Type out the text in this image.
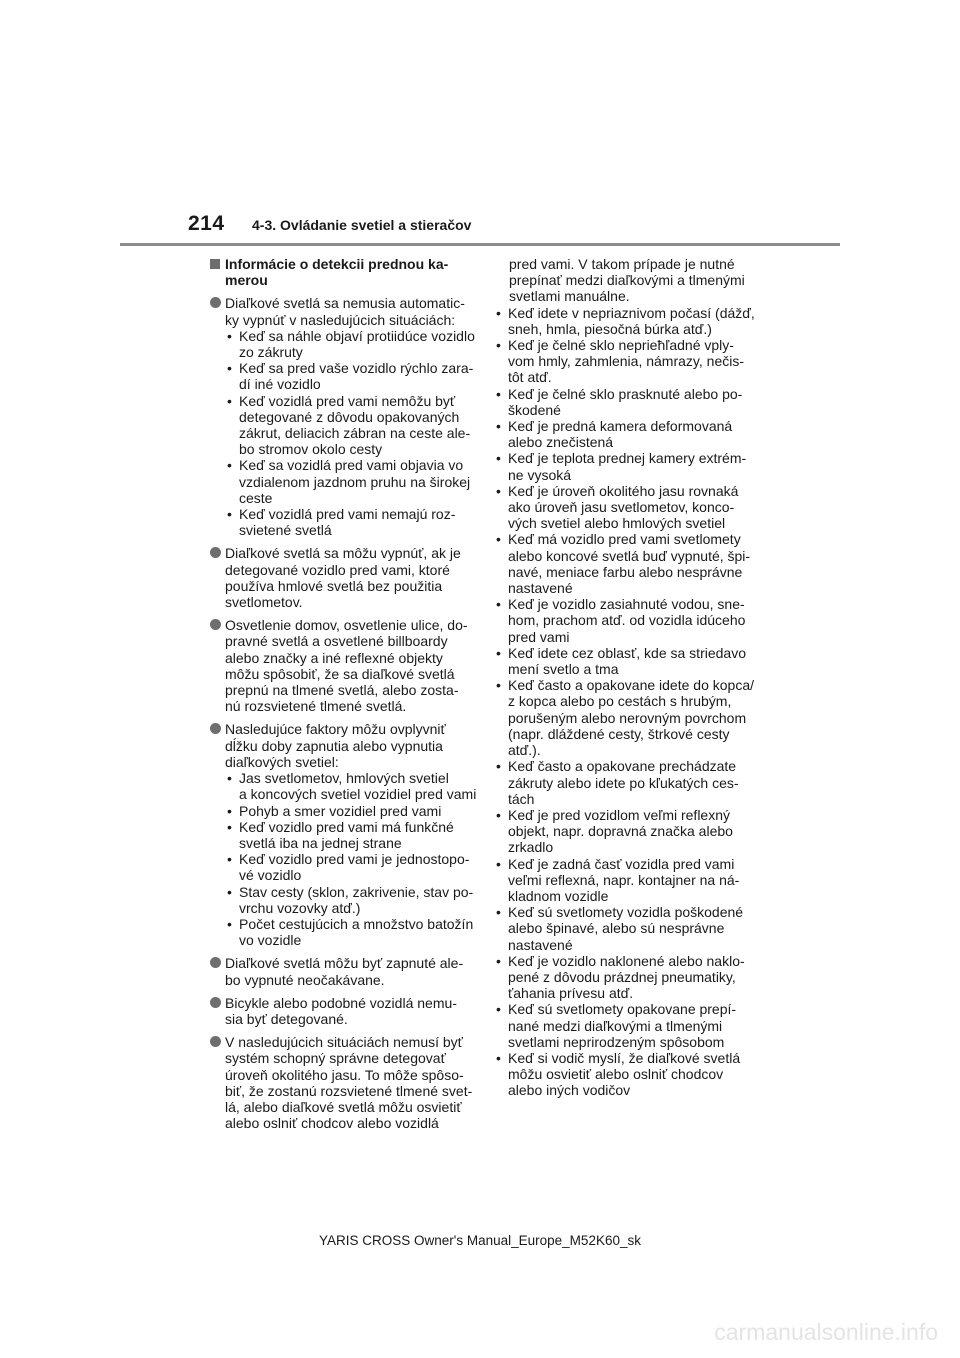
214 4-3. Ovládanie svetiel a stieračov
Informácie o detekcii prednou ka-
merou
Diaľkové svetlá sa nemusia automatic-
ky vypnúť v nasledujúcich situáciách:
• Keď sa náhle objaví protiidúce vozidlo
zo zákruty
• Keď sa pred vaše vozidlo rýchlo zara-
dí iné vozidlo
• Keď vozidlá pred vami nemôžu byť
detegované z dôvodu opakovaných
zákrut, deliacich zábran na ceste ale-
bo stromov okolo cesty
• Keď sa vozidlá pred vami objavia vo
vzdialenom jazdnom pruhu na širokej
ceste
• Keď vozidlá pred vami nemajú roz-
svietené svetlá
Diaľkové svetlá sa môžu vypnúť, ak je
detegované vozidlo pred vami, ktoré
používa hmlové svetlá bez použitia
svetlometov.
Osvetlenie domov, osvetlenie ulice, do-
pravné svetlá a osvetlené billboardy
alebo značky a iné reflexné objekty
môžu spôsobiť, že sa diaľkové svetlá
prepnú na tlmené svetlá, alebo zosta-
nú rozsvietené tlmené svetlá.
Nasledujúce faktory môžu ovplyvniť
dĺžku doby zapnutia alebo vypnutia
diaľkových svetiel:
• Jas svetlometov, hmlových svetiel
a koncových svetiel vozidiel pred vami
• Pohyb a smer vozidiel pred vami
• Keď vozidlo pred vami má funkčné
svetlá iba na jednej strane
• Keď vozidlo pred vami je jednostopo-
vé vozidlo
• Stav cesty (sklon, zakrivenie, stav po-
vrchu vozovky atď.)
• Počet cestujúcich a množstvo batožín
vo vozidle
Diaľkové svetlá môžu byť zapnuté ale-
bo vypnuté neočakávane.
Bicykle alebo podobné vozidlá nemu-
sia byť detegované.
V nasledujúcich situáciách nemusí byť
systém schopný správne detegovať
úroveň okolitého jasu. To môže spôso-
biť, že zostanú rozsvietené tlmené svet-
lá, alebo diaľkové svetlá môžu osvietiť
alebo oslniť chodcov alebo vozidlá
pred vami. V takom prípade je nutné
prepínať medzi diaľkovými a tlmenými
svetlami manuálne.
• Keď idete v nepriaznivom počasí (dážď,
sneh, hmla, piesočná búrka atď.)
• Keď je čelné sklo neprieħľadné vply-
vom hmly, zahmlenia, námrazy, nečis-
tôt atď.
• Keď je čelné sklo prasknuté alebo po-
škodené
• Keď je predná kamera deformovaná
alebo znečistená
• Keď je teplota prednej kamery extrém-
ne vysoká
• Keď je úroveň okolitého jasu rovnaká
ako úroveň jasu svetlometov, konco-
vých svetiel alebo hmlových svetiel
• Keď má vozidlo pred vami svetlomety
alebo koncové svetlá buď vypnuté, špi-
navé, meniace farbu alebo nesprávne
nastavené
• Keď je vozidlo zasiahnuté vodou, sne-
hom, prachom atď. od vozidla idúceho
pred vami
• Keď idete cez oblasť, kde sa striedavo
mení svetlo a tma
• Keď často a opakovane idete do kopca/
z kopca alebo po cestách s hrubým,
porušeným alebo nerovným povrchom
(napr. dláždené cesty, štrkové cesty
atď.).
• Keď často a opakovane prechádzate
zákruty alebo idete po kľukatých ces-
tách
• Keď je pred vozidlom veľmi reflexný
objekt, napr. dopravná značka alebo
zrkadlo
• Keď je zadná časť vozidla pred vami
veľmi reflexná, napr. kontajner na ná-
kladnom vozidle
• Keď sú svetlomety vozidla poškodené
alebo špinavé, alebo sú nesprávne
nastavené
• Keď je vozidlo naklonené alebo naklo-
pené z dôvodu prázdnej pneumatiky,
ťahania prívesu atď.
• Keď sú svetlomety opakovane prepí-
nané medzi diaľkovými a tlmenými
svetlami neprirodzeným spôsobom
• Keď si vodič myslí, že diaľkové svetlá
môžu osvietiť alebo oslniť chodcov
alebo iných vodičov
YARIS CROSS Owner's Manual_Europe_M52K60_sk
carmanualsonline.info
